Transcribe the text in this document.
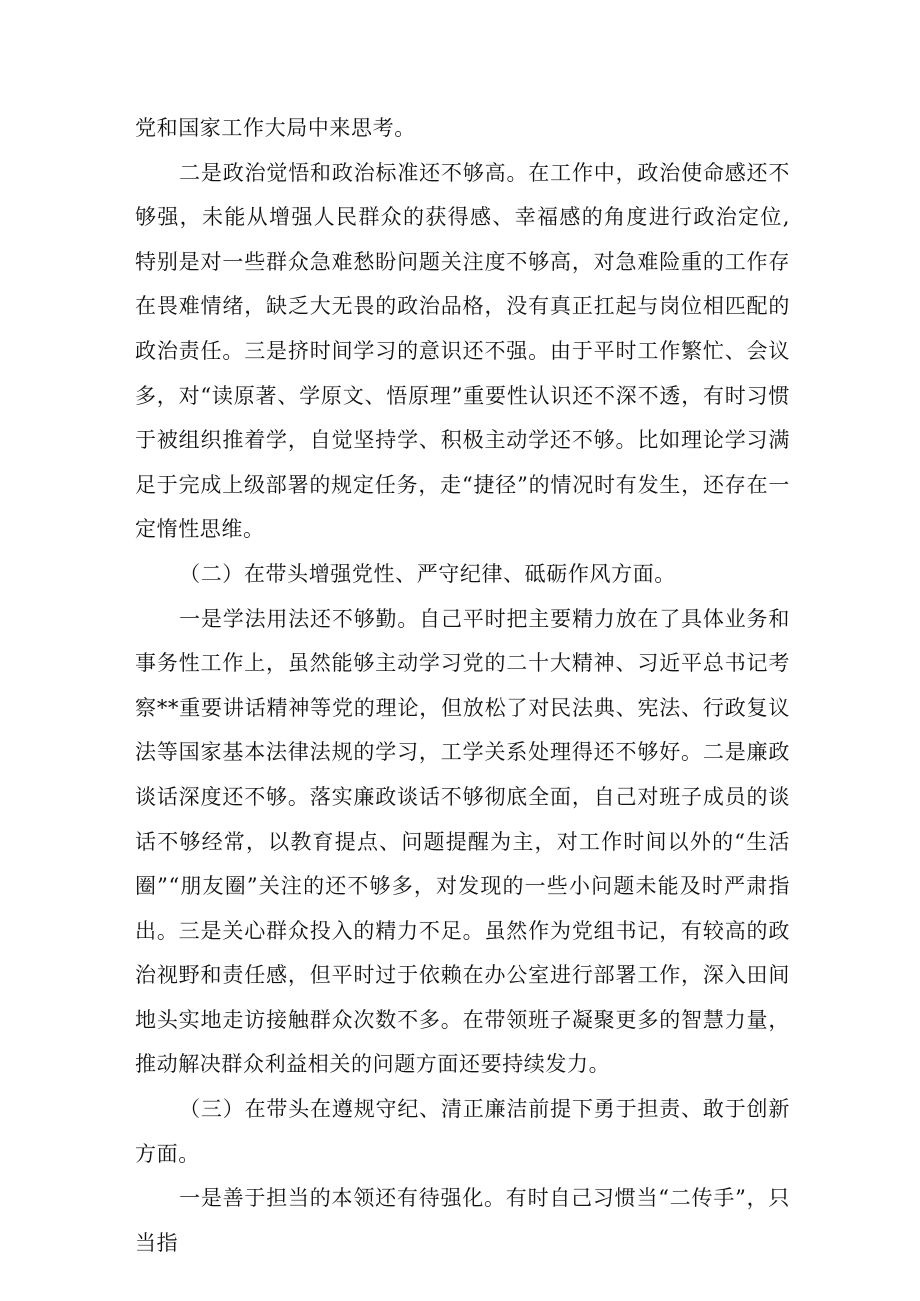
党和国家工作大局中来思考。

二是政治觉悟和政治标准还不够高。在工作中，政治使命感还不够强，未能从增强人民群众的获得感、幸福感的角度进行政治定位,特别是对一些群众急难愁盼问题关注度不够高，对急难险重的工作存在畏难情绪，缺乏大无畏的政治品格，没有真正扛起与岗位相匹配的政治责任。三是挤时间学习的意识还不强。由于平时工作繁忙、会议多，对“读原著、学原文、悟原理”重要性认识还不深不透，有时习惯于被组织推着学，自觉坚持学、积极主动学还不够。比如理论学习满足于完成上级部署的规定任务，走“捷径”的情况时有发生，还存在一定惰性思维。

（二）在带头增强党性、严守纪律、砥砺作风方面。

一是学法用法还不够勤。自己平时把主要精力放在了具体业务和事务性工作上，虽然能够主动学习党的二十大精神、习近平总书记考察**重要讲话精神等党的理论，但放松了对民法典、宪法、行政复议法等国家基本法律法规的学习，工学关系处理得还不够好。二是廉政谈话深度还不够。落实廉政谈话不够彻底全面，自己对班子成员的谈话不够经常，以教育提点、问题提醒为主，对工作时间以外的“生活圈”“朋友圈”关注的还不够多，对发现的一些小问题未能及时严肃指出。三是关心群众投入的精力不足。虽然作为党组书记，有较高的政治视野和责任感，但平时过于依赖在办公室进行部署工作，深入田间地头实地走访接触群众次数不多。在带领班子凝聚更多的智慧力量，推动解决群众利益相关的问题方面还要持续发力。

（三）在带头在遵规守纪、清正廉洁前提下勇于担责、敢于创新方面。

一是善于担当的本领还有待强化。有时自己习惯当“二传手”，只当指
